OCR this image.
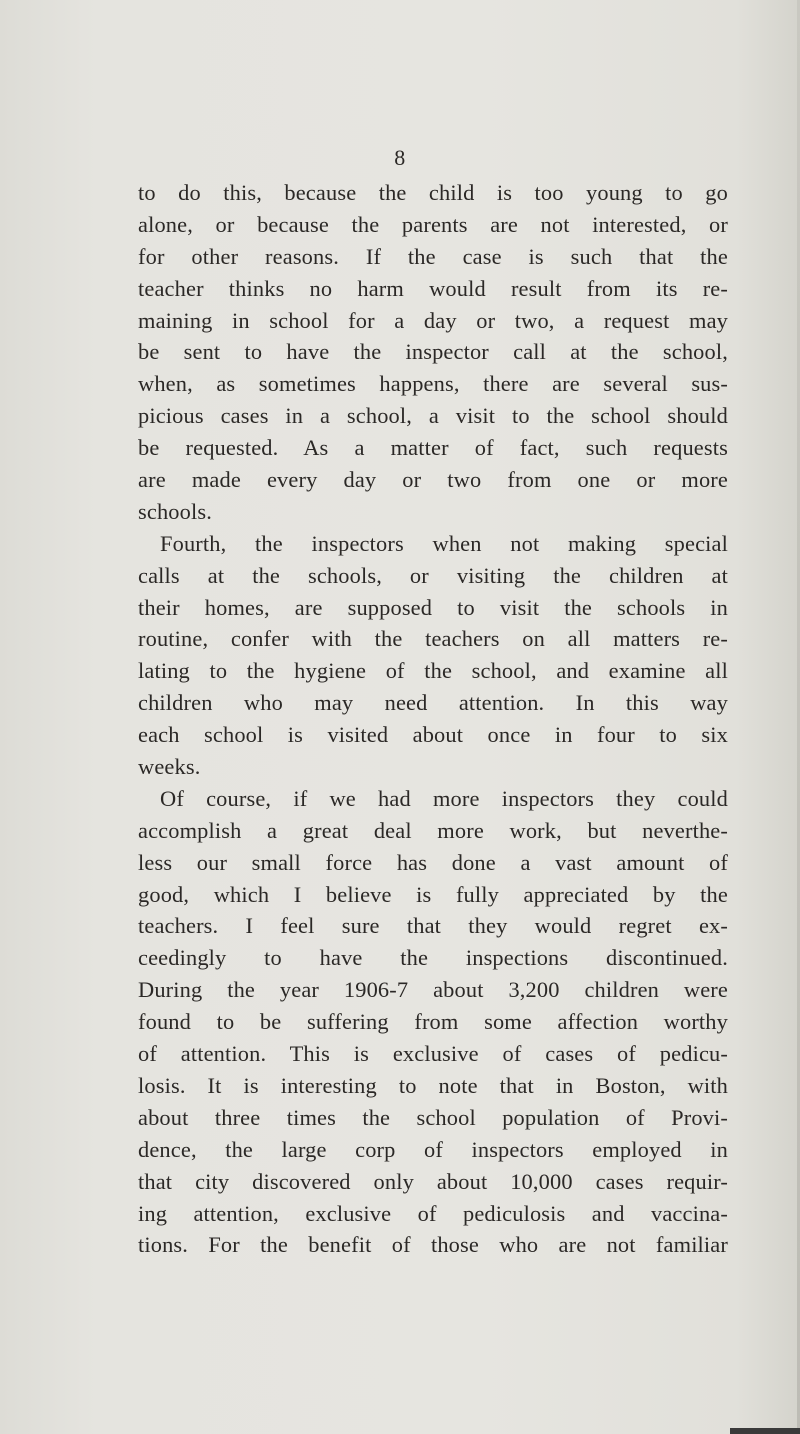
8
to do this, because the child is too young to go
alone, or because the parents are not interested, or
for other reasons. If the case is such that the
teacher thinks no harm would result from its re-
maining in school for a day or two, a request may
be sent to have the inspector call at the school,
when, as sometimes happens, there are several sus-
picious cases in a school, a visit to the school should
be requested. As a matter of fact, such requests
are made every day or two from one or more
schools.
Fourth, the inspectors when not making special
calls at the schools, or visiting the children at
their homes, are supposed to visit the schools in
routine, confer with the teachers on all matters re-
lating to the hygiene of the school, and examine all
children who may need attention. In this way
each school is visited about once in four to six
weeks.
Of course, if we had more inspectors they could
accomplish a great deal more work, but neverthe-
less our small force has done a vast amount of
good, which I believe is fully appreciated by the
teachers. I feel sure that they would regret ex-
ceedingly to have the inspections discontinued.
During the year 1906-7 about 3,200 children were
found to be suffering from some affection worthy
of attention. This is exclusive of cases of pedicu-
losis. It is interesting to note that in Boston, with
about three times the school population of Provi-
dence, the large corp of inspectors employed in
that city discovered only about 10,000 cases requir-
ing attention, exclusive of pediculosis and vaccina-
tions. For the benefit of those who are not familiar
